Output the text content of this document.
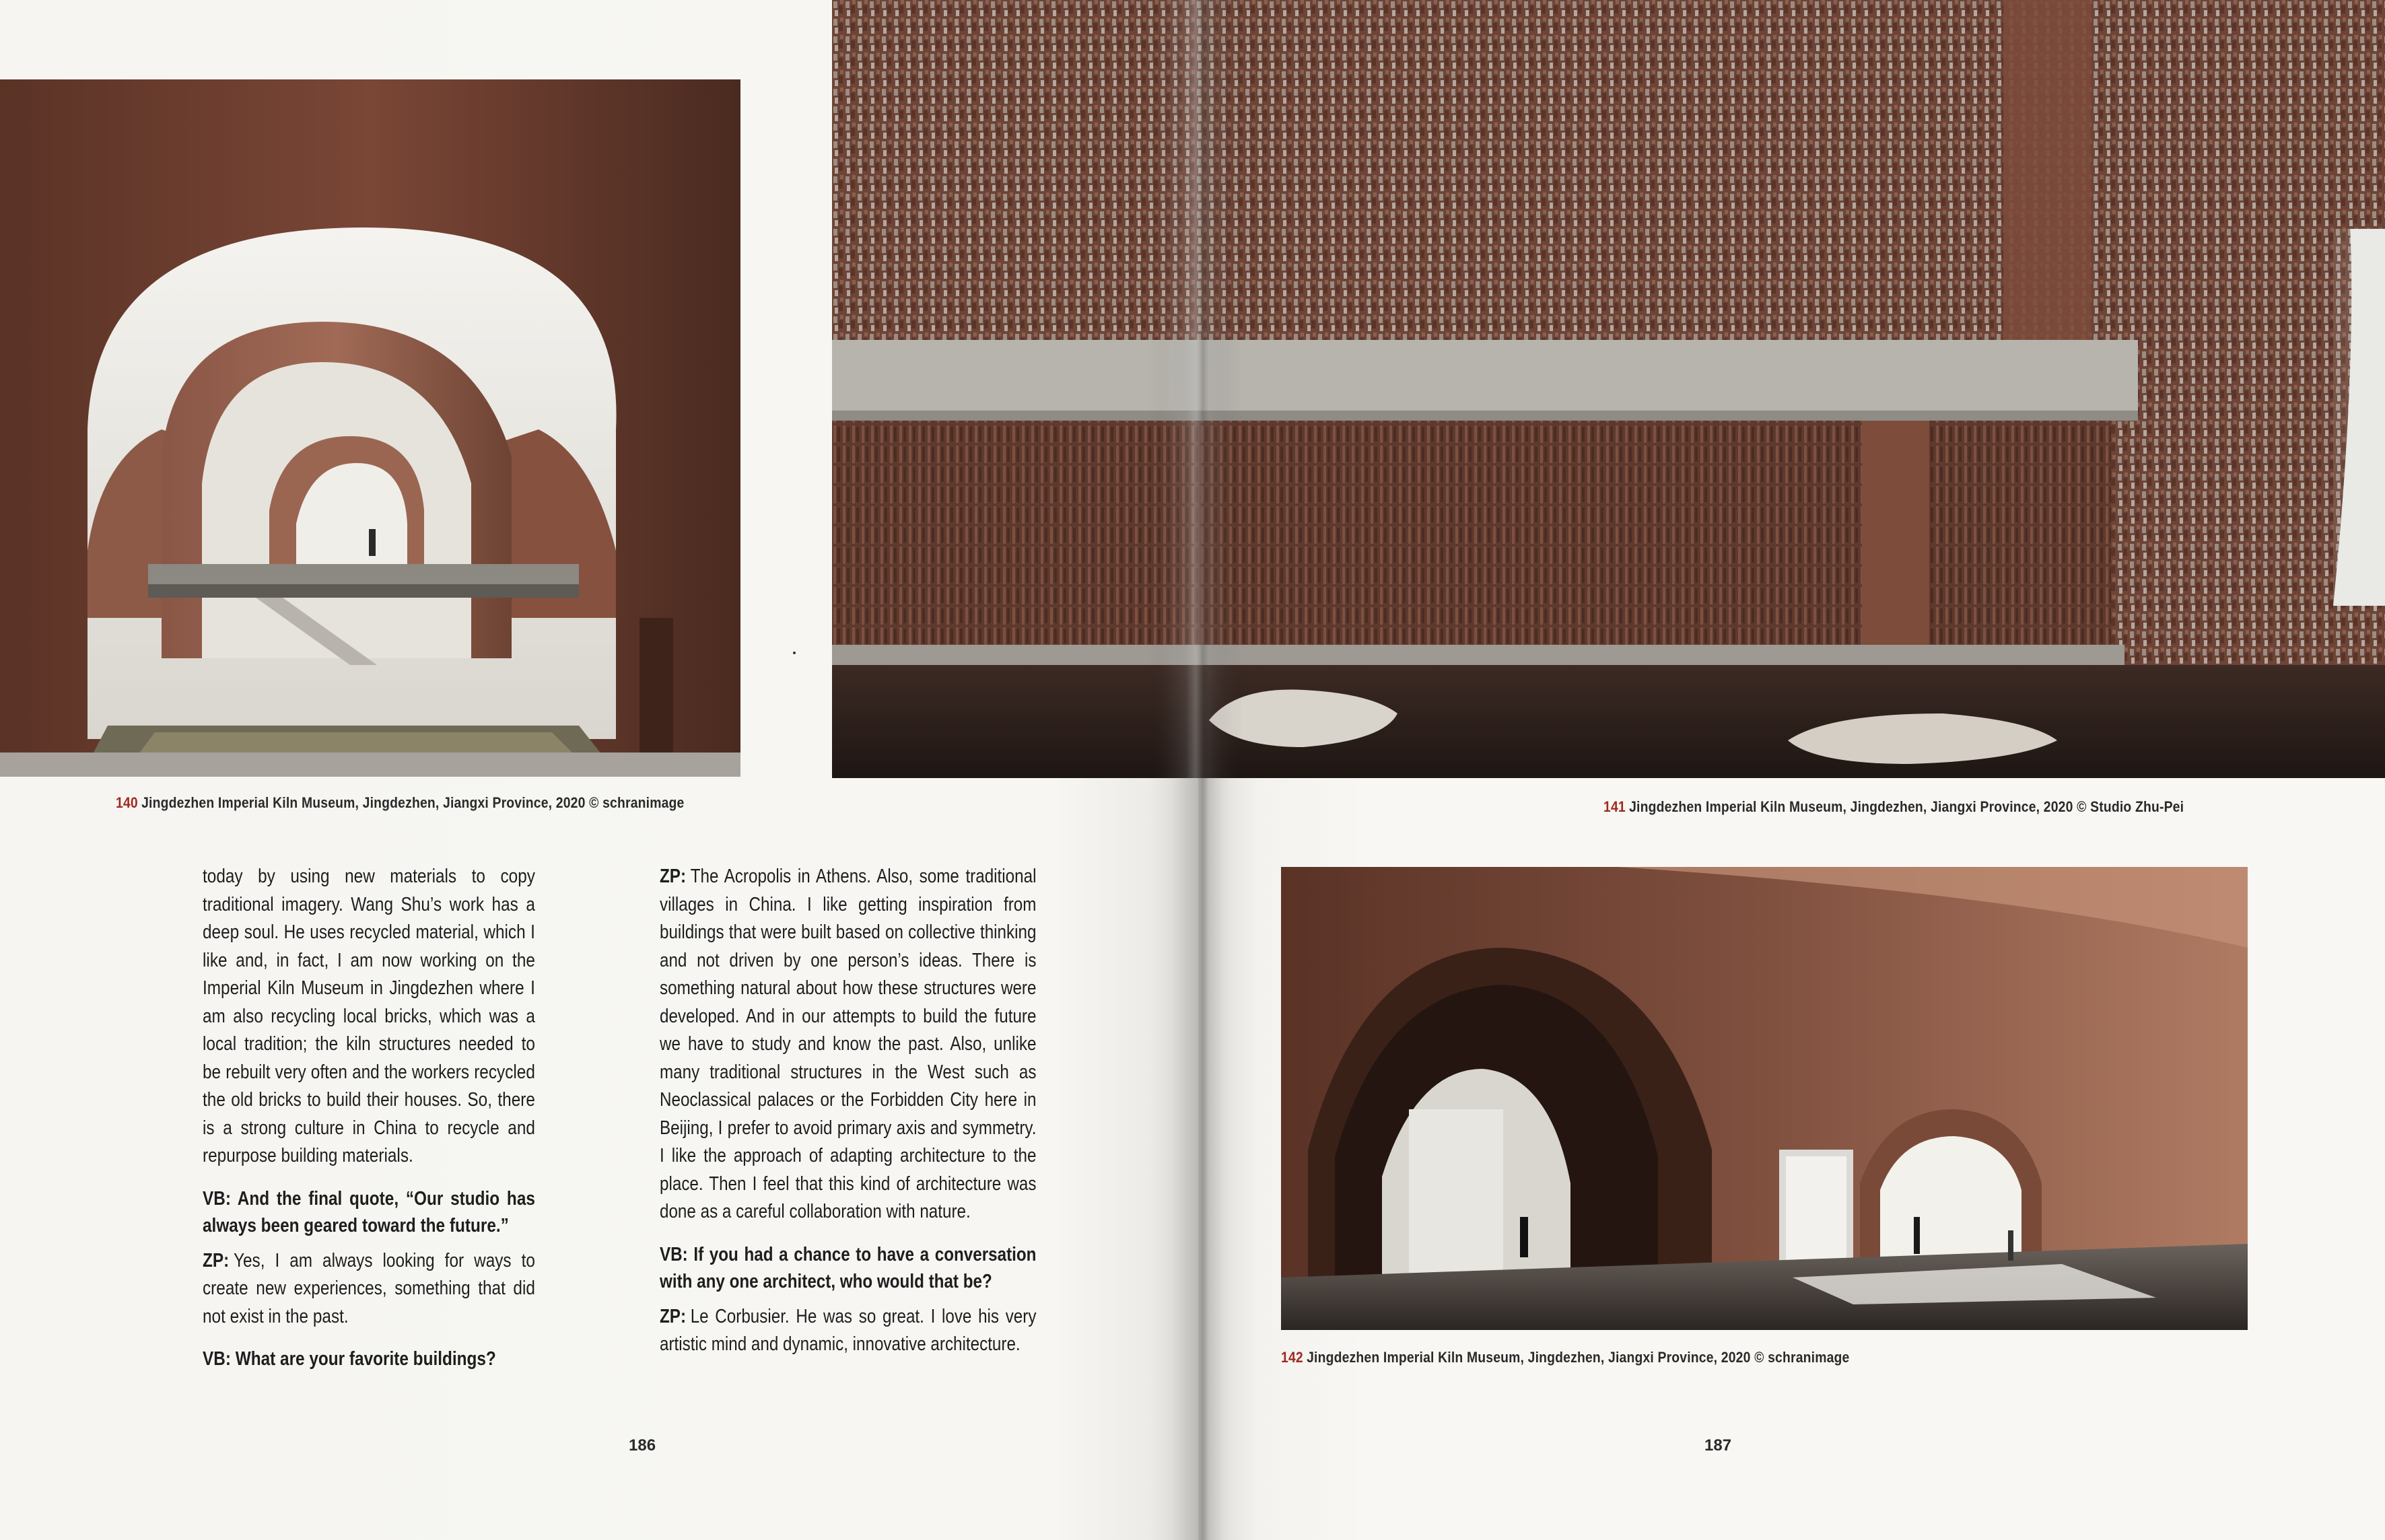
140 Jingdezhen Imperial Kiln Museum, Jingdezhen, Jiangxi Province, 2020 © schranimage	141 Jingdezhen Imperial Kiln Museum, Jingdezhen, Jiangxi Province, 2020 © Studio Zhu-Pei
142 Jingdezhen Imperial Kiln Museum, Jingdezhen, Jiangxi Province, 2020 © schranimage

today by using new materials to copy traditional imagery. Wang Shu’s work has a deep soul. He uses recycled material, which I like and, in fact, I am now working on the Imperial Kiln Museum in Jingdezhen where I am also recycling local bricks, which was a local tradition; the kiln structures needed to be rebuilt very often and the workers recycled the old bricks to build their houses. So, there is a strong culture in China to recycle and repurpose building materials.

VB: And the final quote, “Our studio has always been geared toward the future.”

ZP: Yes, I am always looking for ways to create new experiences, something that did not exist in the past.

VB: What are your favorite buildings?

ZP: The Acropolis in Athens. Also, some traditional villages in China. I like getting inspiration from buildings that were built based on collective thinking and not driven by one person’s ideas. There is something natural about how these structures were developed. And in our attempts to build the future we have to study and know the past. Also, unlike many traditional structures in the West such as Neoclassical palaces or the Forbidden City here in Beijing, I prefer to avoid primary axis and symmetry. I like the approach of adapting architecture to the place. Then I feel that this kind of architecture was done as a careful collaboration with nature.

VB: If you had a chance to have a conversation with any one architect, who would that be?

ZP: Le Corbusier. He was so great. I love his very artistic mind and dynamic, innovative architecture.

186	187
